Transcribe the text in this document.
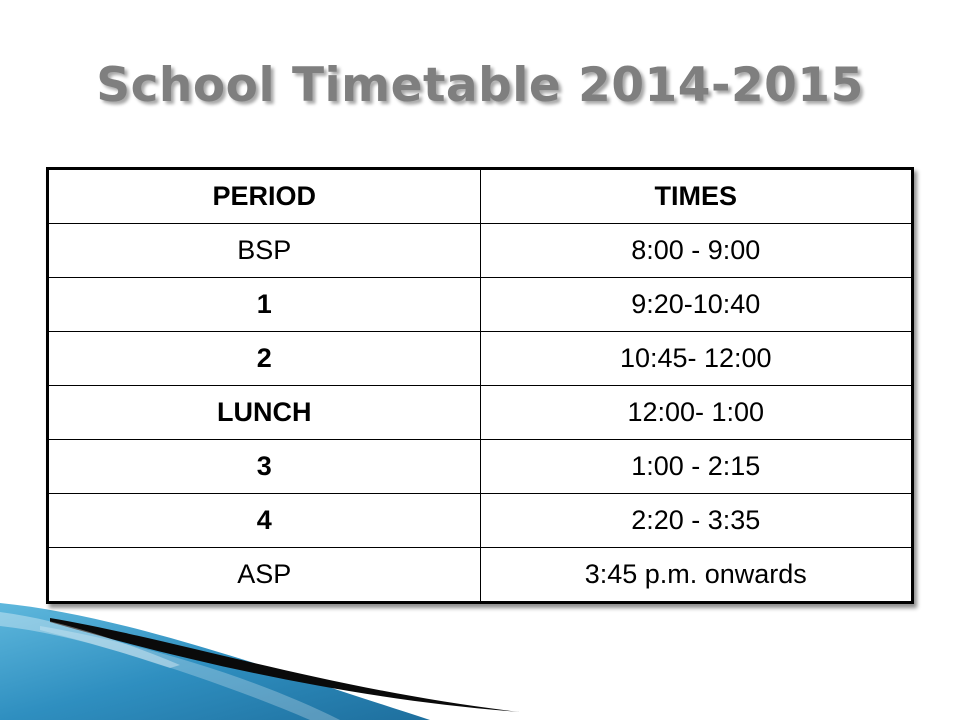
School Timetable 2014-2015
PERIOD	TIMES
BSP	8:00 - 9:00
1	9:20-10:40
2	10:45- 12:00
LUNCH	12:00- 1:00
3	1:00 - 2:15
4	2:20 - 3:35
ASP	3:45 p.m. onwards
